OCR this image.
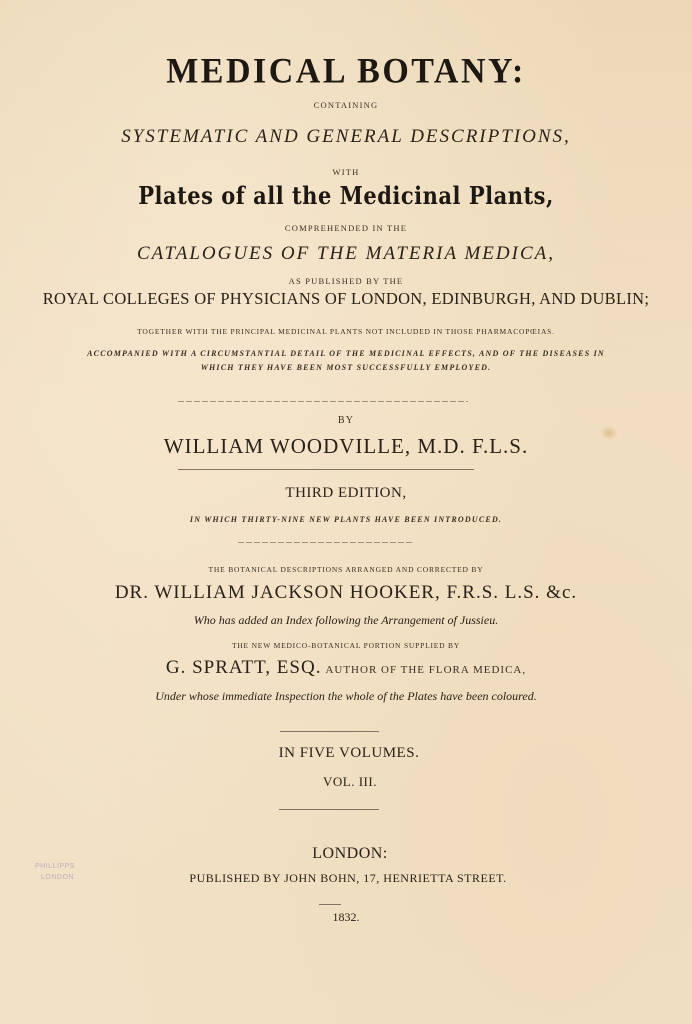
MEDICAL BOTANY:
CONTAINING
SYSTEMATIC AND GENERAL DESCRIPTIONS,
WITH
Plates of all the Medicinal Plants,
COMPREHENDED IN THE
CATALOGUES OF THE MATERIA MEDICA,
AS PUBLISHED BY THE
ROYAL COLLEGES OF PHYSICIANS OF LONDON, EDINBURGH, AND DUBLIN;
TOGETHER WITH THE PRINCIPAL MEDICINAL PLANTS NOT INCLUDED IN THOSE PHARMACOPŒIAS.
ACCOMPANIED WITH A CIRCUMSTANTIAL DETAIL OF THE MEDICINAL EFFECTS, AND OF THE DISEASES IN
WHICH THEY HAVE BEEN MOST SUCCESSFULLY EMPLOYED.
BY
WILLIAM WOODVILLE, M.D. F.L.S.
THIRD EDITION,
IN WHICH THIRTY-NINE NEW PLANTS HAVE BEEN INTRODUCED.
THE BOTANICAL DESCRIPTIONS ARRANGED AND CORRECTED BY
DR. WILLIAM JACKSON HOOKER, F.R.S. L.S. &c.
Who has added an Index following the Arrangement of Jussieu.
THE NEW MEDICO-BOTANICAL PORTION SUPPLIED BY
G. SPRATT, ESQ. AUTHOR OF THE FLORA MEDICA,
Under whose immediate Inspection the whole of the Plates have been coloured.
IN FIVE VOLUMES.
VOL. III.
LONDON:
PUBLISHED BY JOHN BOHN, 17, HENRIETTA STREET.
1832.
PHILLIPPS
LONDON
